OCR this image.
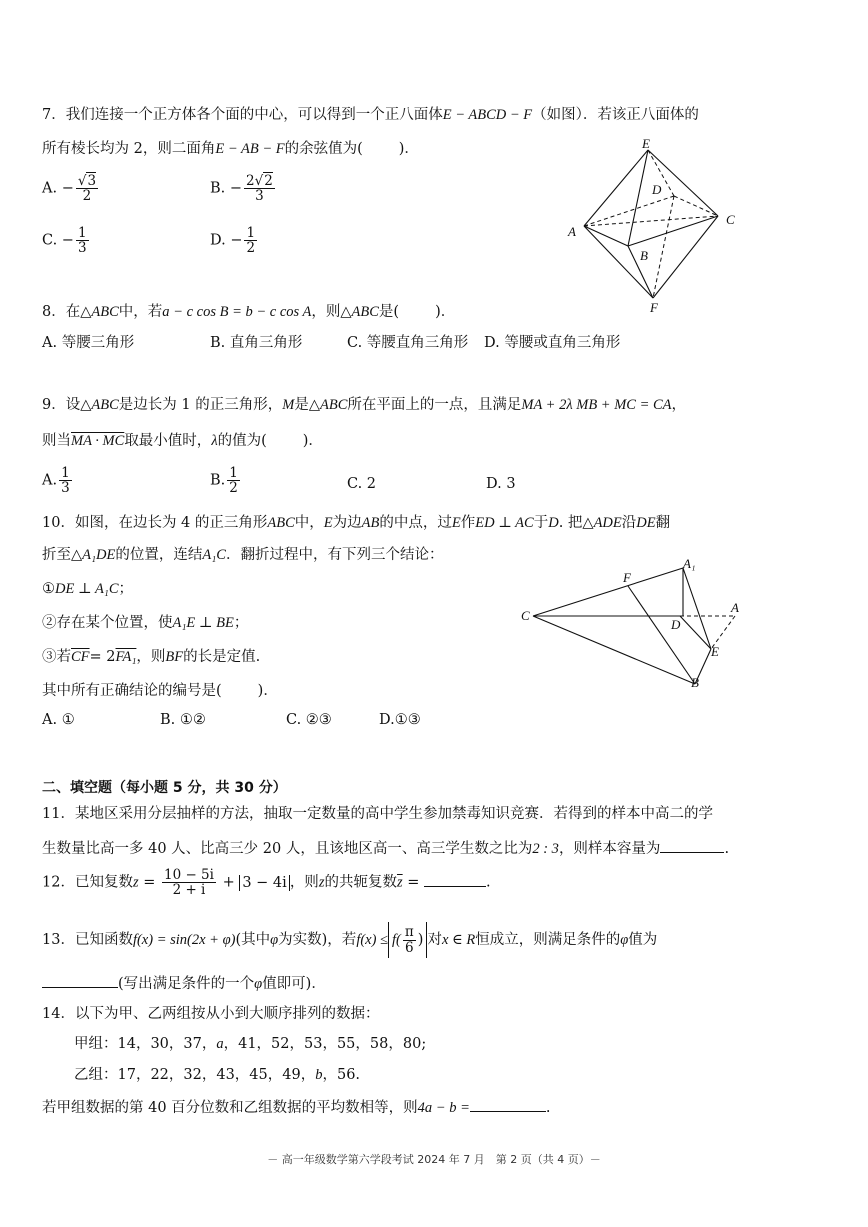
7．我们连接一个正方体各个面的中心，可以得到一个正八面体E − ABCD − F（如图）．若该正八面体的
所有棱长均为 2，则二面角E − AB − F的余弦值为( )．
A. − $\frac{√3}{2}$	B. − $\frac{2√2}{3}$
C. − $\frac{1}{3}$	D. − $\frac{1}{2}$
E
D
A
C
B
F
8．在△ABC中，若a − c cos B = b − c cos A，则△ABC是( )．
A. 等腰三角形	B. 直角三角形	C. 等腰直角三角形 D. 等腰或直角三角形
9．设△ABC是边长为 1 的正三角形，M是△ABC所在平面上的一点，且满足MA + 2λ MB + MC = CA，
则当MA · MC取最小值时，λ的值为( )．
A. $\frac{1}{3}$	B. $\frac{1}{2}$	C. 2	D. 3
10．如图，在边长为 4 的正三角形ABC中，E为边AB的中点，过E作ED ⊥ AC于D. 把△ADE沿DE翻
折至△A₁DE的位置，连结A₁C．翻折过程中，有下列三个结论：
①DE ⊥ A₁C；
②存在某个位置，使A₁E ⊥ BE；
③若$\overline{CF}= 2FA_1$，则BF的长是定值.
其中所有正确结论的编号是( )．
A. ①	B. ①②	C. ②③	D.①③
F
A₁
C
A
D
E
B
二、填空题（每小题 5 分，共 30 分）
11．某地区采用分层抽样的方法，抽取一定数量的高中学生参加禁毒知识竞赛．若得到的样本中高二的学
生数量比高一多 40 人、比高三少 20 人，且该地区高一、高三学生数之比为2 : 3，则样本容量为	.
12．已知复数$z = \frac{10 - 5i}{2 + i} + 3 - 4i$ ，则z的共轭复数$\overline{z}$ =	.
13．已知函数f(x) = sin(2x + φ)(其中φ为实数)，若$f(x) \le f( \frac{\pi}{6}$ ) 对x ∈ R恒成立，则满足条件的φ值为
(写出满足条件的一个φ值即可)．
14．以下为甲、乙两组按从小到大顺序排列的数据：
甲组：14，30，37，a，41，52，53，55，58，80;
乙组：17，22，32，43，45，49，b，56.
若甲组数据的第 40 百分位数和乙组数据的平均数相等，则4a − b =	.
－ 高一年级数学第六学段考试 2024 年 7 月　第 2 页（共 4 页）－
